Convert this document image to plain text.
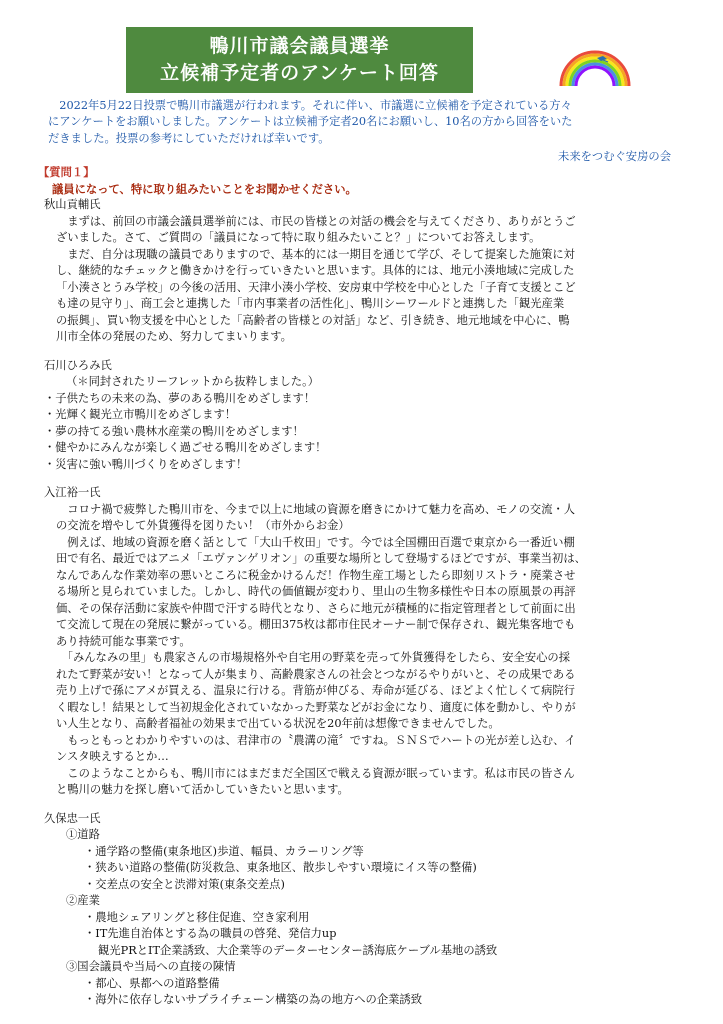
鴨川市議会議員選挙
立候補予定者のアンケート回答

　2022年5月22日投票で鴨川市議選が行われます。それに伴い、市議選に立候補を予定されている方々

にアンケートをお願いしました。アンケートは立候補予定者20名にお願いし、10名の方から回答をいた

だきました。投票の参考にしていただければ幸いです。

未来をつむぐ安房の会

【質問１】

議員になって、特に取り組みたいことをお聞かせください。

秋山貢輔氏

　まずは、前回の市議会議員選挙前には、市民の皆様との対話の機会を与えてくださり、ありがとうご

ざいました。さて、ご質問の「議員になって特に取り組みたいこと？」についてお答えします。

　まだ、自分は現職の議員でありますので、基本的には一期目を通じて学び、そして提案した施策に対

し、継続的なチェックと働きかけを行っていきたいと思います。具体的には、地元小湊地域に完成した

「小湊さとうみ学校」の今後の活用、天津小湊小学校、安房東中学校を中心とした「子育て支援とこど

も達の見守り」、商工会と連携した「市内事業者の活性化」、鴨川シーワールドと連携した「観光産業

の振興」、買い物支援を中心とした「高齢者の皆様との対話」など、引き続き、地元地域を中心に、鴨

川市全体の発展のため、努力してまいります。

石川ひろみ氏

（＊同封されたリーフレットから抜粋しました。）

・子供たちの未来の為、夢のある鴨川をめざします！

・光輝く観光立市鴨川をめざします！

・夢の持てる強い農林水産業の鴨川をめざします！

・健やかにみんなが楽しく過ごせる鴨川をめざします！

・災害に強い鴨川づくりをめざします！

入江裕一氏

　コロナ禍で疲弊した鴨川市を、今まで以上に地域の資源を磨きにかけて魅力を高め、モノの交流・人

の交流を増やして外貨獲得を図りたい！（市外からお金）

　例えば、地域の資源を磨く話として「大山千枚田」です。今では全国棚田百選で東京から一番近い棚

田で有名、最近ではアニメ「エヴァンゲリオン」の重要な場所として登場するほどですが、事業当初は、

なんであんな作業効率の悪いところに税金かけるんだ！作物生産工場としたら即刻リストラ・廃業させ

る場所と見られていました。しかし、時代の価値観が変わり、里山の生物多様性や日本の原風景の再評

価、その保存活動に家族や仲間で汗する時代となり、さらに地元が積極的に指定管理者として前面に出

て交流して現在の発展に繋がっている。棚田375枚は都市住民オーナー制で保存され、観光集客地でも

あり持続可能な事業です。

　「みんなみの里」も農家さんの市場規格外や自宅用の野菜を売って外貨獲得をしたら、安全安心の採

れたて野菜が安い！となって人が集まり、高齢農家さんの社会とつながるやりがいと、その成果である

売り上げで孫にアメが買える、温泉に行ける。背筋が伸びる、寿命が延びる、ほどよく忙しくて病院行

く暇なし！結果として当初規金化されていなかった野菜などがお金になり、適度に体を動かし、やりが

い人生となり、高齢者福祉の効果まで出ている状況を20年前は想像できませんでした。

　もっともっとわかりやすいのは、君津市の〝農溝の滝〞ですね。ＳＮＳでハートの光が差し込む、イ

ンスタ映えするとか…

　このようなことからも、鴨川市にはまだまだ全国区で戦える資源が眠っています。私は市民の皆さん

と鴨川の魅力を探し磨いて活かしていきたいと思います。

久保忠一氏

①道路

・通学路の整備(東条地区)歩道、幅員、カラーリング等

・狭あい道路の整備(防災救急、東条地区、散歩しやすい環境にイス等の整備)

・交差点の安全と渋滞対策(東条交差点)

②産業

・農地シェアリングと移住促進、空き家利用

・IT先進自治体とする為の職員の啓発、発信力up

観光PRとIT企業誘致、大企業等のデーターセンター誘海底ケーブル基地の誘致

③国会議員や当局への直接の陳情

・都心、県都への道路整備

・海外に依存しないサプライチェーン構築の為の地方への企業誘致
